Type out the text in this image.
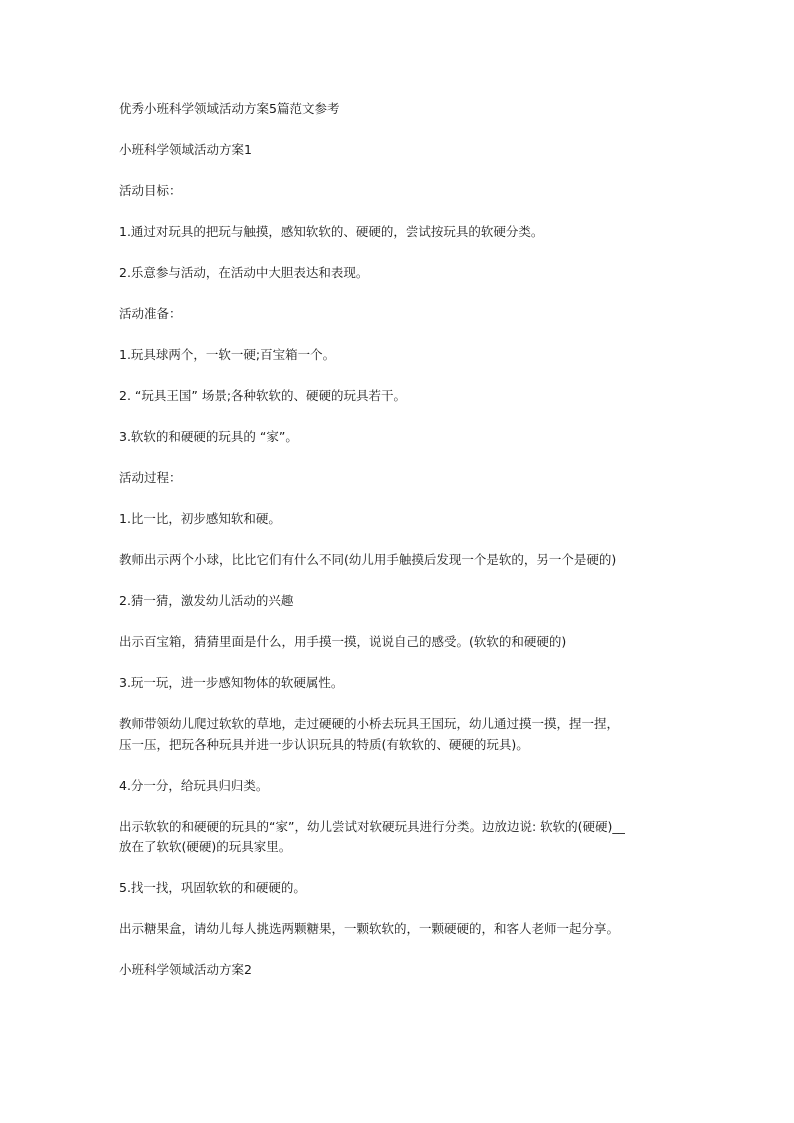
优秀小班科学领域活动方案5篇范文参考

小班科学领域活动方案1

活动目标：

1.通过对玩具的把玩与触摸，感知软软的、硬硬的，尝试按玩具的软硬分类。

2.乐意参与活动，在活动中大胆表达和表现。

活动准备：

1.玩具球两个，一软一硬;百宝箱一个。

2. “玩具王国” 场景;各种软软的、硬硬的玩具若干。

3.软软的和硬硬的玩具的 “家”。

活动过程：

1.比一比，初步感知软和硬。

教师出示两个小球，比比它们有什么不同(幼儿用手触摸后发现一个是软的，另一个是硬的)

2.猜一猜，激发幼儿活动的兴趣

出示百宝箱，猜猜里面是什么，用手摸一摸，说说自己的感受。(软软的和硬硬的)

3.玩一玩，进一步感知物体的软硬属性。

教师带领幼儿爬过软软的草地，走过硬硬的小桥去玩具王国玩，幼儿通过摸一摸，捏一捏，

压一压，把玩各种玩具并进一步认识玩具的特质(有软软的、硬硬的玩具)。

4.分一分，给玩具归归类。

出示软软的和硬硬的玩具的“家”，幼儿尝试对软硬玩具进行分类。边放边说: 软软的(硬硬)__

放在了软软(硬硬)的玩具家里。

5.找一找，巩固软软的和硬硬的。

出示糖果盒，请幼儿每人挑选两颗糖果，一颗软软的，一颗硬硬的，和客人老师一起分享。

小班科学领域活动方案2
